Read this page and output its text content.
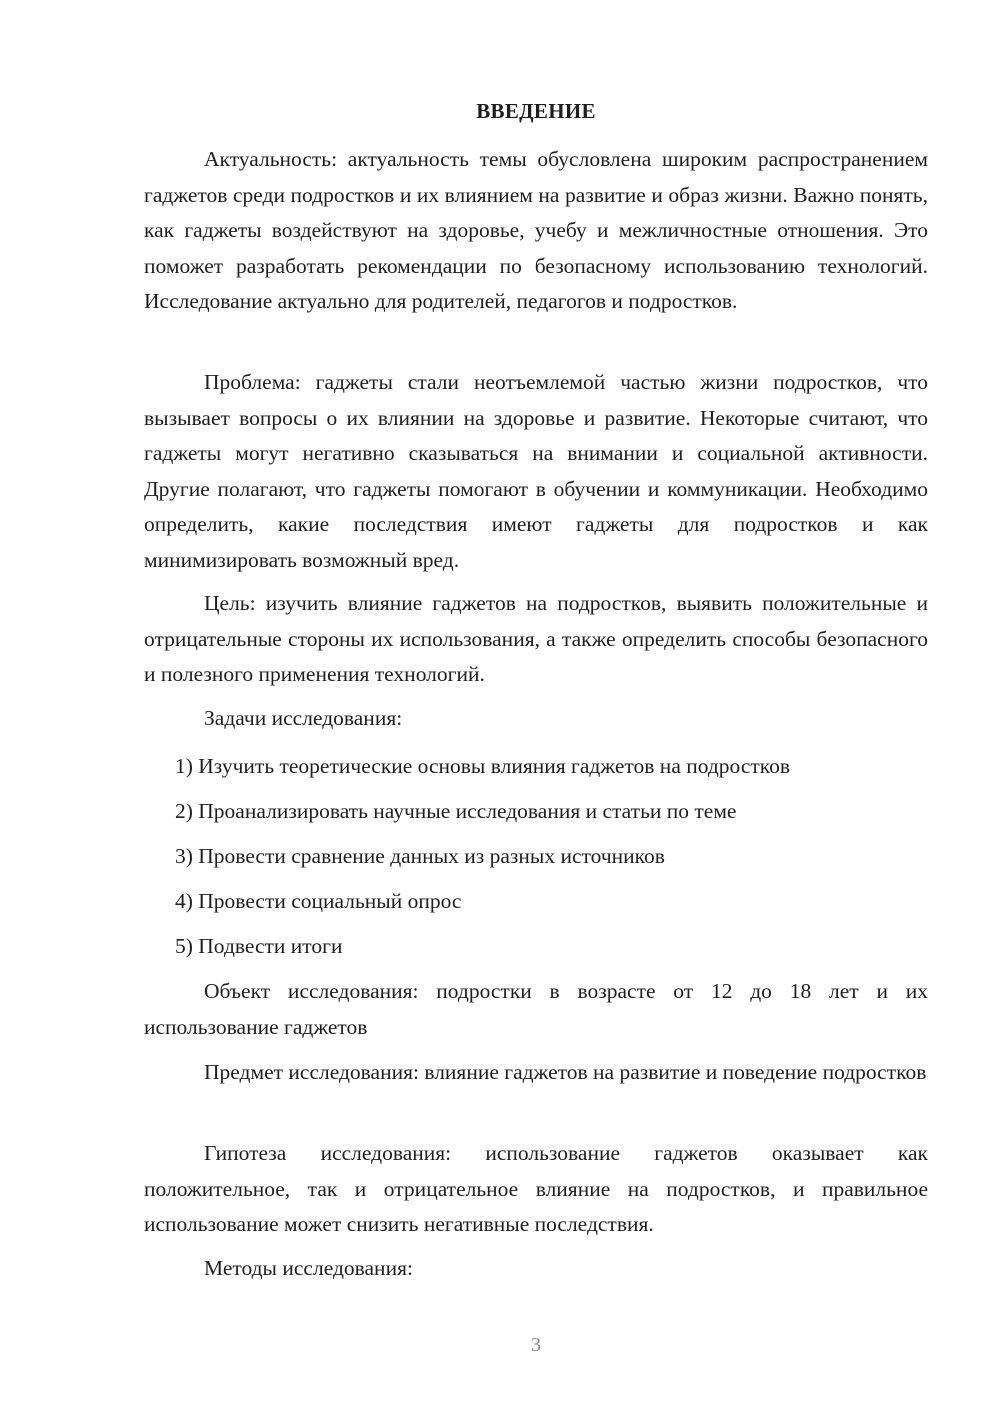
ВВЕДЕНИЕ

Актуальность: актуальность темы обусловлена широким распространением гаджетов среди подростков и их влиянием на развитие и образ жизни. Важно понять, как гаджеты воздействуют на здоровье, учебу и межличностные отношения. Это поможет разработать рекомендации по безопасному использованию технологий. Исследование актуально для родителей, педагогов и подростков.

Проблема: гаджеты стали неотъемлемой частью жизни подростков, что вызывает вопросы о их влиянии на здоровье и развитие. Некоторые считают, что гаджеты могут негативно сказываться на внимании и социальной активности. Другие полагают, что гаджеты помогают в обучении и коммуникации. Необходимо определить, какие последствия имеют гаджеты для подростков и как минимизировать возможный вред.

Цель: изучить влияние гаджетов на подростков, выявить положительные и отрицательные стороны их использования, а также определить способы безопасного и полезного применения технологий.

Задачи исследования:

1) Изучить теоретические основы влияния гаджетов на подростков

2) Проанализировать научные исследования и статьи по теме

3) Провести сравнение данных из разных источников

4) Провести социальный опрос

5) Подвести итоги

Объект исследования: подростки в возрасте от 12 до 18 лет и их использование гаджетов

Предмет исследования: влияние гаджетов на развитие и поведение подростков

Гипотеза исследования: использование гаджетов оказывает как положительное, так и отрицательное влияние на подростков, и правильное использование может снизить негативные последствия.

Методы исследования:

3
